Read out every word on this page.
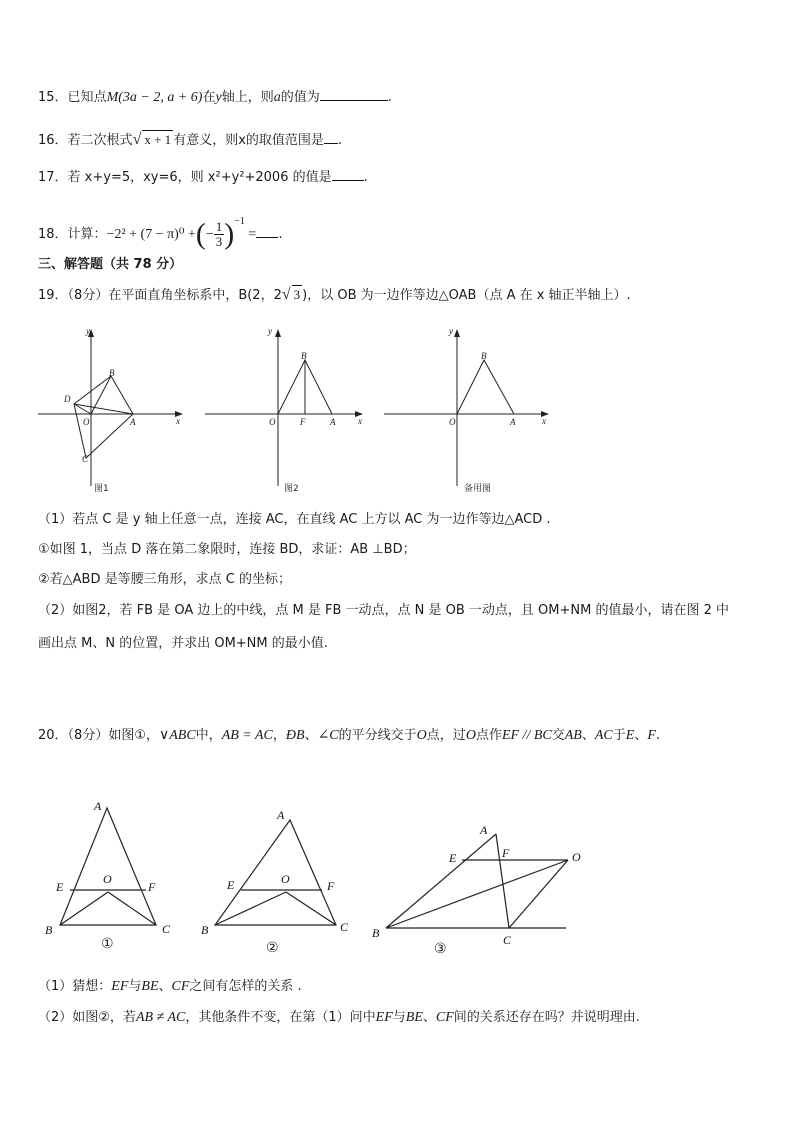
15．已知点M(3a − 2, a + 6)在y轴上，则a的值为	.
16．若二次根式√ x + 1 有意义，则x的取值范围是 .
17．若 x+y=5，xy=6，则 x²+y²+2006 的值是 .
18．计算：−2² + (7 − π)⁰ +(− $\frac{1}{3} )^{-1}$ = .
三、解答题（共 78 分）
19．（8分）在平面直角坐标系中，B(2，2√ 3 )，以 OB 为一边作等边△OAB（点 A 在 x 轴正半轴上）.
y
x
B
D
O	A
C
图1
y
x
B
O	F	A
图2
y
x
B
O	A
备用图
（1）若点 C 是 y 轴上任意一点，连接 AC，在直线 AC 上方以 AC 为一边作等边△ACD .
①如图 1，当点 D 落在第二象限时，连接 BD，求证：AB ⊥BD；
②若△ABD 是等腰三角形，求点 C 的坐标；
（2）如图2，若 FB 是 OA 边上的中线，点 M 是 FB 一动点，点 N 是 OB 一动点，且 OM+NM 的值最小，请在图 2 中
画出点 M、N 的位置，并求出 OM+NM 的最小值.
20．（8分）如图①，∨ABC中，AB = AC，ÐB、∠C的平分线交于O点，过O点作EF // BC交AB、AC于E、F.
A
E
O
F
B	C
①
A
E	O	F
B	C
②
A
E	F	O
B	C
③
（1）猜想：EF与BE、CF之间有怎样的关系 .
（2）如图②，若AB ≠ AC，其他条件不变，在第（1）问中EF与BE、CF间的关系还存在吗？并说明理由.
